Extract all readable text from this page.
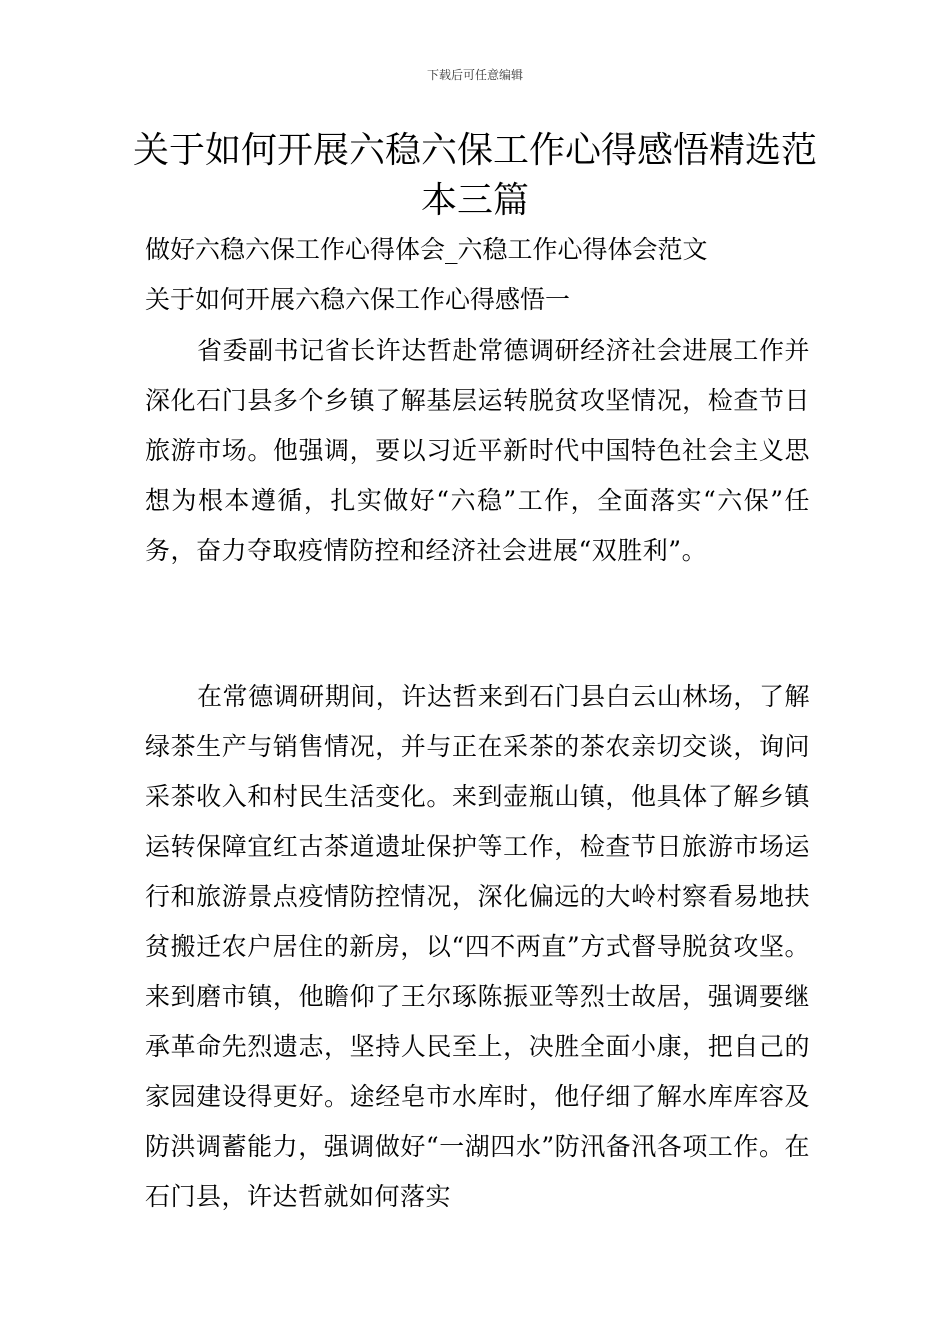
下载后可任意编辑
关于如何开展六稳六保工作心得感悟精选范本三篇

做好六稳六保工作心得体会_六稳工作心得体会范文

关于如何开展六稳六保工作心得感悟一

省委副书记省长许达哲赴常德调研经济社会进展工作并深化石门县多个乡镇了解基层运转脱贫攻坚情况，检查节日旅游市场。他强调，要以习近平新时代中国特色社会主义思想为根本遵循，扎实做好“六稳”工作，全面落实“六保”任务，奋力夺取疫情防控和经济社会进展“双胜利”。

在常德调研期间，许达哲来到石门县白云山林场，了解绿茶生产与销售情况，并与正在采茶的茶农亲切交谈，询问采茶收入和村民生活变化。来到壶瓶山镇，他具体了解乡镇运转保障宜红古茶道遗址保护等工作，检查节日旅游市场运行和旅游景点疫情防控情况，深化偏远的大岭村察看易地扶贫搬迁农户居住的新房，以“四不两直”方式督导脱贫攻坚。来到磨市镇，他瞻仰了王尔琢陈振亚等烈士故居，强调要继承革命先烈遗志，坚持人民至上，决胜全面小康，把自己的家园建设得更好。途经皂市水库时，他仔细了解水库库容及防洪调蓄能力，强调做好“一湖四水”防汛备汛各项工作。在石门县，许达哲就如何落实
